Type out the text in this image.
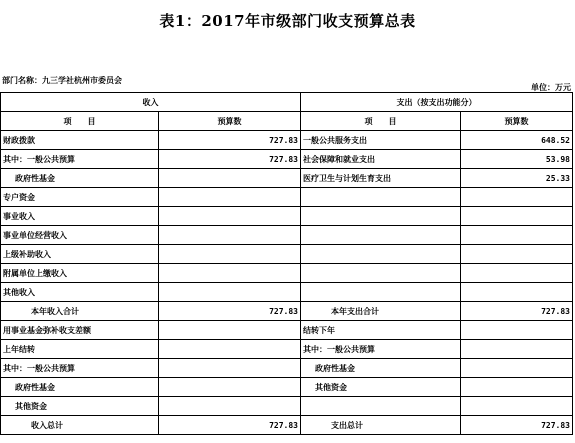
表1：2017年市级部门收支预算总表
部门名称：九三学社杭州市委员会
单位：万元
收入		支出（按支出功能分）	
项　　目	预算数	项　　目	预算数
财政拨款	727.83	一般公共服务支出	648.52
其中：一般公共预算	727.83	社会保障和就业支出	53.98
政府性基金		医疗卫生与计划生育支出	25.33
专户资金			
事业收入			
事业单位经营收入			
上级补助收入			
附属单位上缴收入			
其他收入			
本年收入合计	727.83	本年支出合计	727.83
用事业基金弥补收支差额		结转下年	
上年结转		其中：一般公共预算	
其中：一般公共预算		政府性基金	
政府性基金		其他资金	
其他资金			
收入总计	727.83	支出总计	727.83
